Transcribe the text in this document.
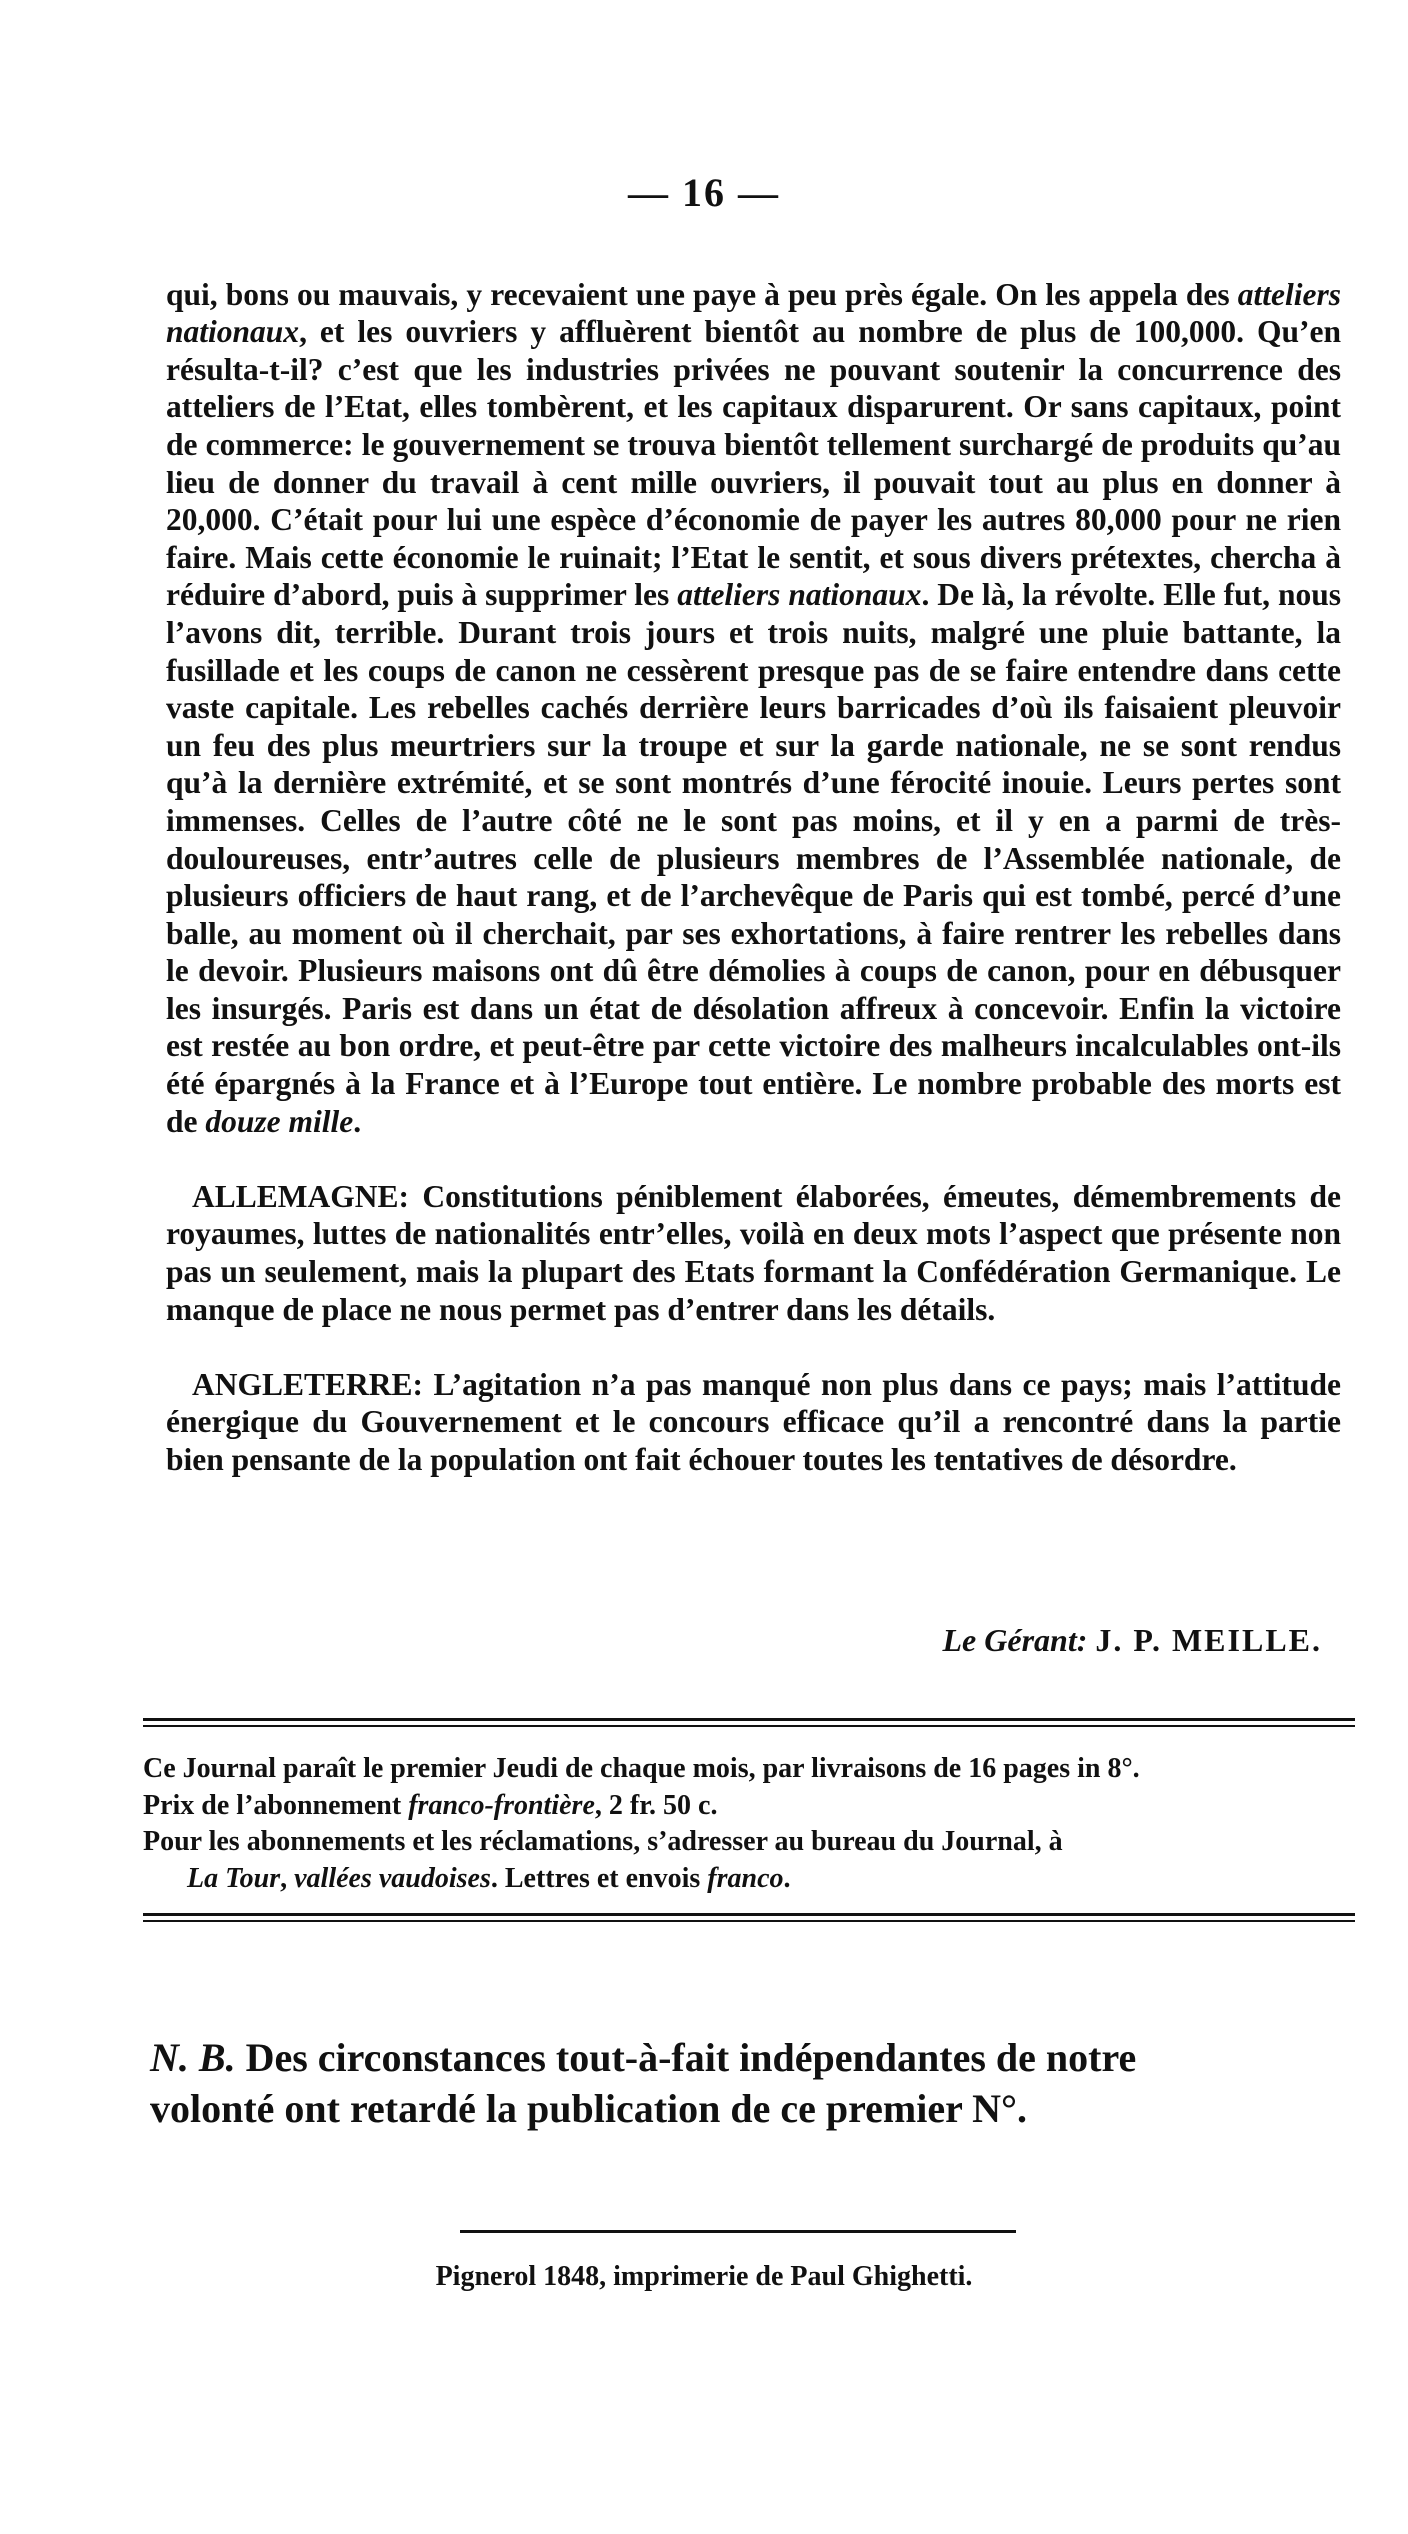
— 16 —

qui, bons ou mauvais, y recevaient une paye à peu près égale. On les appela des atteliers nationaux, et les ouvriers y affluèrent bientôt au nombre de plus de 100,000. Qu’en résulta-t-il? c’est que les industries privées ne pouvant soutenir la concurrence des atteliers de l’Etat, elles tombèrent, et les capitaux disparurent. Or sans capitaux, point de commerce: le gouvernement se trouva bientôt tellement surchargé de produits qu’au lieu de donner du travail à cent mille ouvriers, il pouvait tout au plus en donner à 20,000. C’était pour lui une espèce d’économie de payer les autres 80,000 pour ne rien faire. Mais cette économie le ruinait; l’Etat le sentit, et sous divers prétextes, chercha à réduire d’abord, puis à supprimer les atteliers nationaux. De là, la révolte. Elle fut, nous l’avons dit, terrible. Durant trois jours et trois nuits, malgré une pluie battante, la fusillade et les coups de canon ne cessèrent presque pas de se faire entendre dans cette vaste capitale. Les rebelles cachés derrière leurs barricades d’où ils faisaient pleuvoir un feu des plus meurtriers sur la troupe et sur la garde nationale, ne se sont rendus qu’à la dernière extrémité, et se sont montrés d’une férocité inouie. Leurs pertes sont immenses. Celles de l’autre côté ne le sont pas moins, et il y en a parmi de très-douloureuses, entr’autres celle de plusieurs membres de l’Assemblée nationale, de plusieurs officiers de haut rang, et de l’archevêque de Paris qui est tombé, percé d’une balle, au moment où il cherchait, par ses exhortations, à faire rentrer les rebelles dans le devoir. Plusieurs maisons ont dû être démolies à coups de canon, pour en débusquer les insurgés. Paris est dans un état de désolation affreux à concevoir. Enfin la victoire est restée au bon ordre, et peut-être par cette victoire des malheurs incalculables ont-ils été épargnés à la France et à l’Europe tout entière. Le nombre probable des morts est de douze mille.

ALLEMAGNE: Constitutions péniblement élaborées, émeutes, démembrements de royaumes, luttes de nationalités entr’elles, voilà en deux mots l’aspect que présente non pas un seulement, mais la plupart des Etats formant la Confédération Germanique. Le manque de place ne nous permet pas d’entrer dans les détails.

ANGLETERRE: L’agitation n’a pas manqué non plus dans ce pays; mais l’attitude énergique du Gouvernement et le concours efficace qu’il a rencontré dans la partie bien pensante de la population ont fait échouer toutes les tentatives de désordre.

Le Gérant: J. P. MEILLE.

Ce Journal paraît le premier Jeudi de chaque mois, par livraisons de 16 pages in 8°.

Prix de l’abonnement franco-frontière, 2 fr. 50 c.

Pour les abonnements et les réclamations, s’adresser au bureau du Journal, à

La Tour, vallées vaudoises. Lettres et envois franco.

N. B. Des circonstances tout-à-fait indépendantes de notre

volonté ont retardé la publication de ce premier N°.

Pignerol 1848, imprimerie de Paul Ghighetti.
